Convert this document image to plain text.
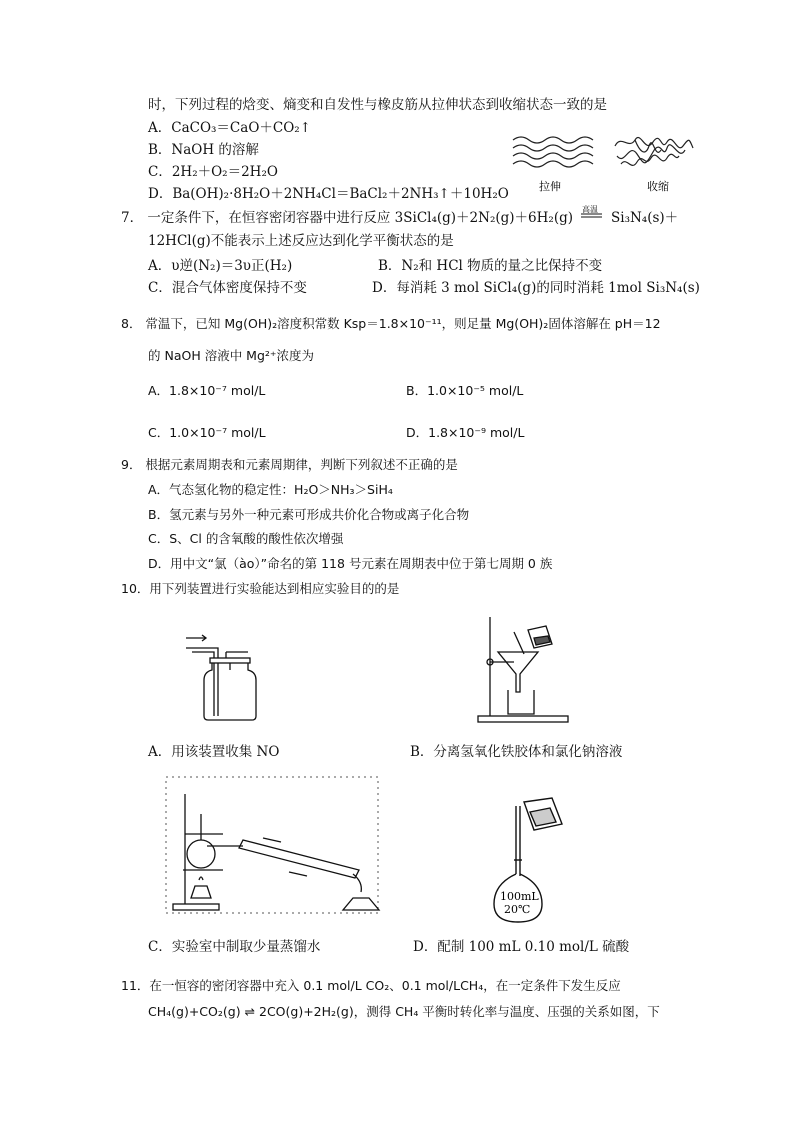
时，下列过程的焓变、熵变和自发性与橡皮筋从拉伸状态到收缩状态一致的是
A．CaCO₃＝CaO＋CO₂↑
B．NaOH 的溶解
C．2H₂＋O₂＝2H₂O
D．Ba(OH)₂·8H₂O＋2NH₄Cl＝BaCl₂＋2NH₃↑＋10H₂O	拉伸	收缩
7． 一定条件下，在恒容密闭容器中进行反应 3SiCl₄(g)＋2N₂(g)＋6H₂(g)
高温
Si₃N₄(s)＋
12HCl(g)不能表示上述反应达到化学平衡状态的是
A．υ逆(N₂)＝3υ正(H₂)	B．N₂和 HCl 物质的量之比保持不变
C．混合气体密度保持不变	D．每消耗 3 mol SiCl₄(g)的同时消耗 1mol Si₃N₄(s)
8． 常温下，已知 Mg(OH)₂溶度积常数 Ksp＝1.8×10⁻¹¹，则足量 Mg(OH)₂固体溶解在 pH＝12
的 NaOH 溶液中 Mg²⁺浓度为
A．1.8×10⁻⁷ mol/L	B．1.0×10⁻⁵ mol/L
C．1.0×10⁻⁷ mol/L	D．1.8×10⁻⁹ mol/L
9． 根据元素周期表和元素周期律，判断下列叙述不正确的是
A．气态氢化物的稳定性：H₂O＞NH₃＞SiH₄
B．氢元素与另外一种元素可形成共价化合物或离子化合物
C．S、Cl 的含氧酸的酸性依次增强
D．用中文“氯（ào）”命名的第 118 号元素在周期表中位于第七周期 0 族
10．用下列装置进行实验能达到相应实验目的的是
A．用该装置收集 NO	B．分离氢氧化铁胶体和氯化钠溶液
100mL
20℃
C．实验室中制取少量蒸馏水	D．配制 100 mL 0.10 mol/L 硫酸
11．在一恒容的密闭容器中充入 0.1 mol/L CO₂、0.1 mol/LCH₄，在一定条件下发生反应
CH₄(g)+CO₂(g) ⇌ 2CO(g)+2H₂(g)，测得 CH₄ 平衡时转化率与温度、压强的关系如图，下
